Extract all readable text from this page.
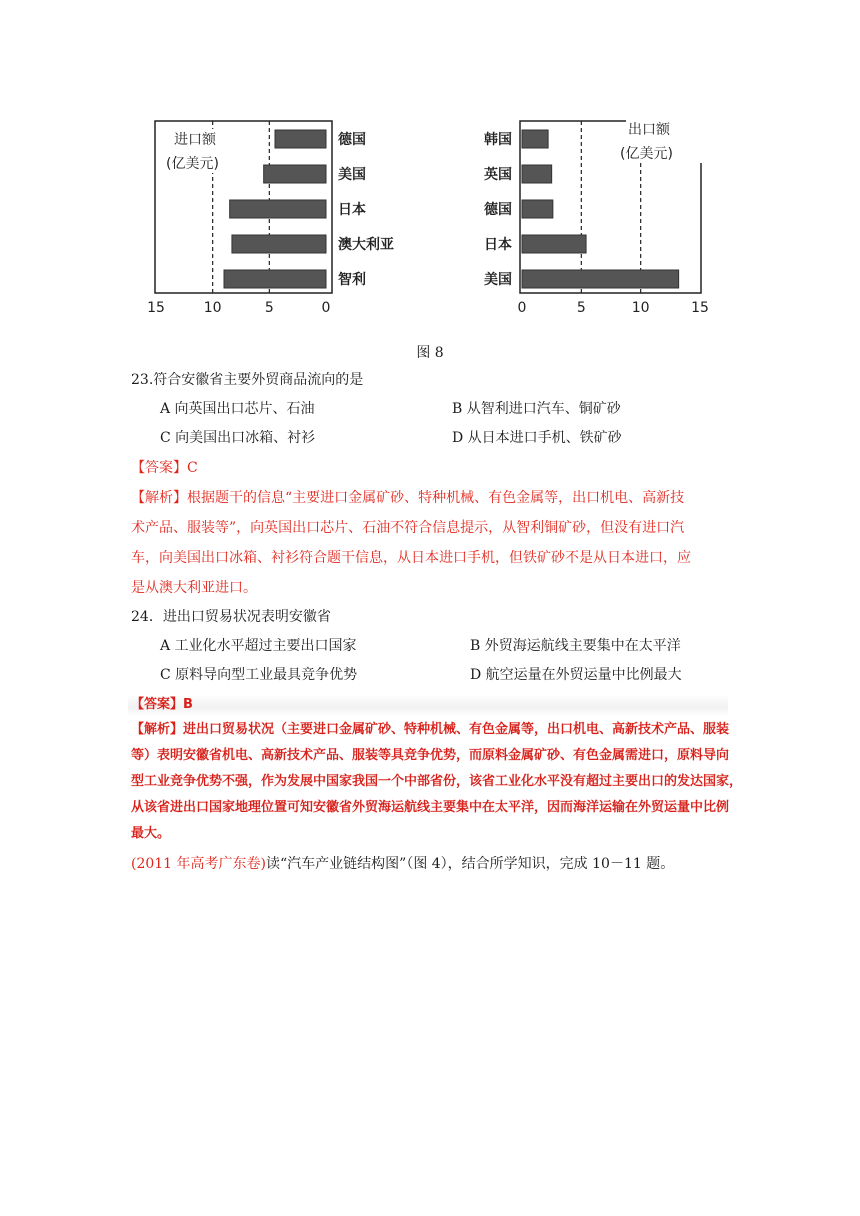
德国
美国
日本
澳大利亚
智利
15	10	5	0
进口额
(亿美元)
韩国
英国
德国
日本
美国
0	5	10	15
出口额
(亿美元)
图 8
23.符合安徽省主要外贸商品流向的是
A 向英国出口芯片、石油	B 从智利进口汽车、铜矿砂
C 向美国出口冰箱、衬衫	D 从日本进口手机、铁矿砂
【答案】C
【解析】根据题干的信息“主要进口金属矿砂、特种机械、有色金属等，出口机电、高新技
术产品、服装等”，向英国出口芯片、石油不符合信息提示，从智利铜矿砂，但没有进口汽
车，向美国出口冰箱、衬衫符合题干信息，从日本进口手机，但铁矿砂不是从日本进口，应
是从澳大利亚进口。
24．进出口贸易状况表明安徽省
A 工业化水平超过主要出口国家	B 外贸海运航线主要集中在太平洋
C 原料导向型工业最具竞争优势	D 航空运量在外贸运量中比例最大
【答案】B
【解析】进出口贸易状况（主要进口金属矿砂、特种机械、有色金属等，出口机电、高新技术产品、服装
等）表明安徽省机电、高新技术产品、服装等具竞争优势，而原料金属矿砂、有色金属需进口，原料导向
型工业竞争优势不强，作为发展中国家我国一个中部省份，该省工业化水平没有超过主要出口的发达国家，
从该省进出口国家地理位置可知安徽省外贸海运航线主要集中在太平洋，因而海洋运输在外贸运量中比例
最大。
(2011 年高考广东卷)读“汽车产业链结构图”（图 4），结合所学知识，完成 10－11 题。
